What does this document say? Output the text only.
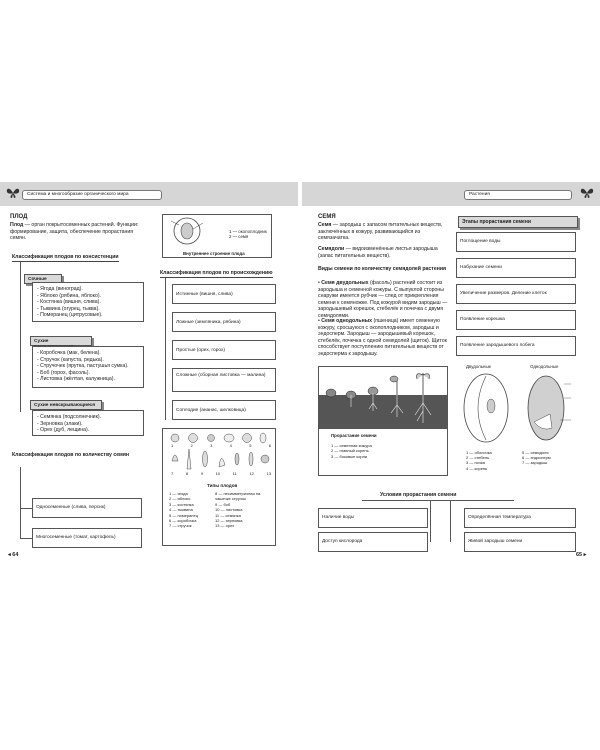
Система и многообразие органического мира	Растения
ПЛОД
Плод — орган покрытосеменных растений. Функции: формирование, защита, обеспечение прорастания семян.
Классификация плодов по консистенции
Сочные
- Ягода (виноград).
- Яблоко (рябина, яблоко).
- Костянка (вишня, слива).
- Тыквина (огурец, тыква).
- Померанец (цитрусовые).
Сухие
- Коробочка (мак, белена).
- Стручок (капуста, редька).
- Стручочек (ярутка, пастушья сумка).
- Боб (горох, фасоль).
- Листовка (жёлтая, калужница).
Сухие невскрывающиеся
- Семянка (подсолнечник).
- Зерновка (злаки).
- Орех (дуб, лещина).
Классификация плодов по количеству семян
Односеменные (слива, персик)
Многосеменные (томат, картофель)
◂ 64
1 — околоплодник
2 — семя
Внутреннее строение плода
Классификация плодов по происхождению
Истинные (вишня, слива)
Ложные (земляника, рябина)
Простые (орех, горох)
Сложные (сборная листовка — малина)
Соплодие (ананас, шелковица)
1	2	3	4	5	6
7	8	9	10	11	12	13
Типы плодов
1 — ягода
2 — яблоко
3 — костянка
4 — тыквина
5 — померанец
6 — коробочка
7 — стручок
8 — несимметричная на
чашечке стручок
9 — боб
10 — листовка
11 — семянка
12 — зерновка
13 — орех
СЕМЯ
Семя — зародыш с запасом питательных веществ, заключённых в кожуру, развивающийся из семязачатка.
Семядоли — видоизменённые листья зародыша (запас питательных веществ).
Виды семени по количеству семядолей растения
• Семя двудольных (фасоль) растений состоит из зародыша и семенной кожуры. С выпуклой стороны снаружи имеется рубчик — след от прикрепления семени к семяножке. Под кожурой видим зародыш — зародышевый корешок, стебелёк и почечка с двумя семядолями.
• Семя однодольных (пшеница) имеет семенную кожуру, сросшуюся с околоплодником, зародыш и эндосперм. Зародыш — зародышевый корешок, стебелёк, почечка с одной семядолей (щиток). Щиток способствует поступлению питательных веществ от эндосперма к зародышу.
Прорастание семени
1 — семенная кожура
2 — главный корень
3 — боковые корни
Этапы прорастания семени
Поглощение воды
Набухание семени
Увеличение размеров. Деление клеток
Появление корешка
Появление зародышевого побега
Двудольные	Однодольные
1 — оболочка
2 — стебель
3 — почка
4 — корень
5 — семядоля
6 — эндосперм
7 — зародыш
Условия прорастания семени
Наличие воды
Доступ кислорода
Определённая температура
Живой зародыш семени
65 ▸
